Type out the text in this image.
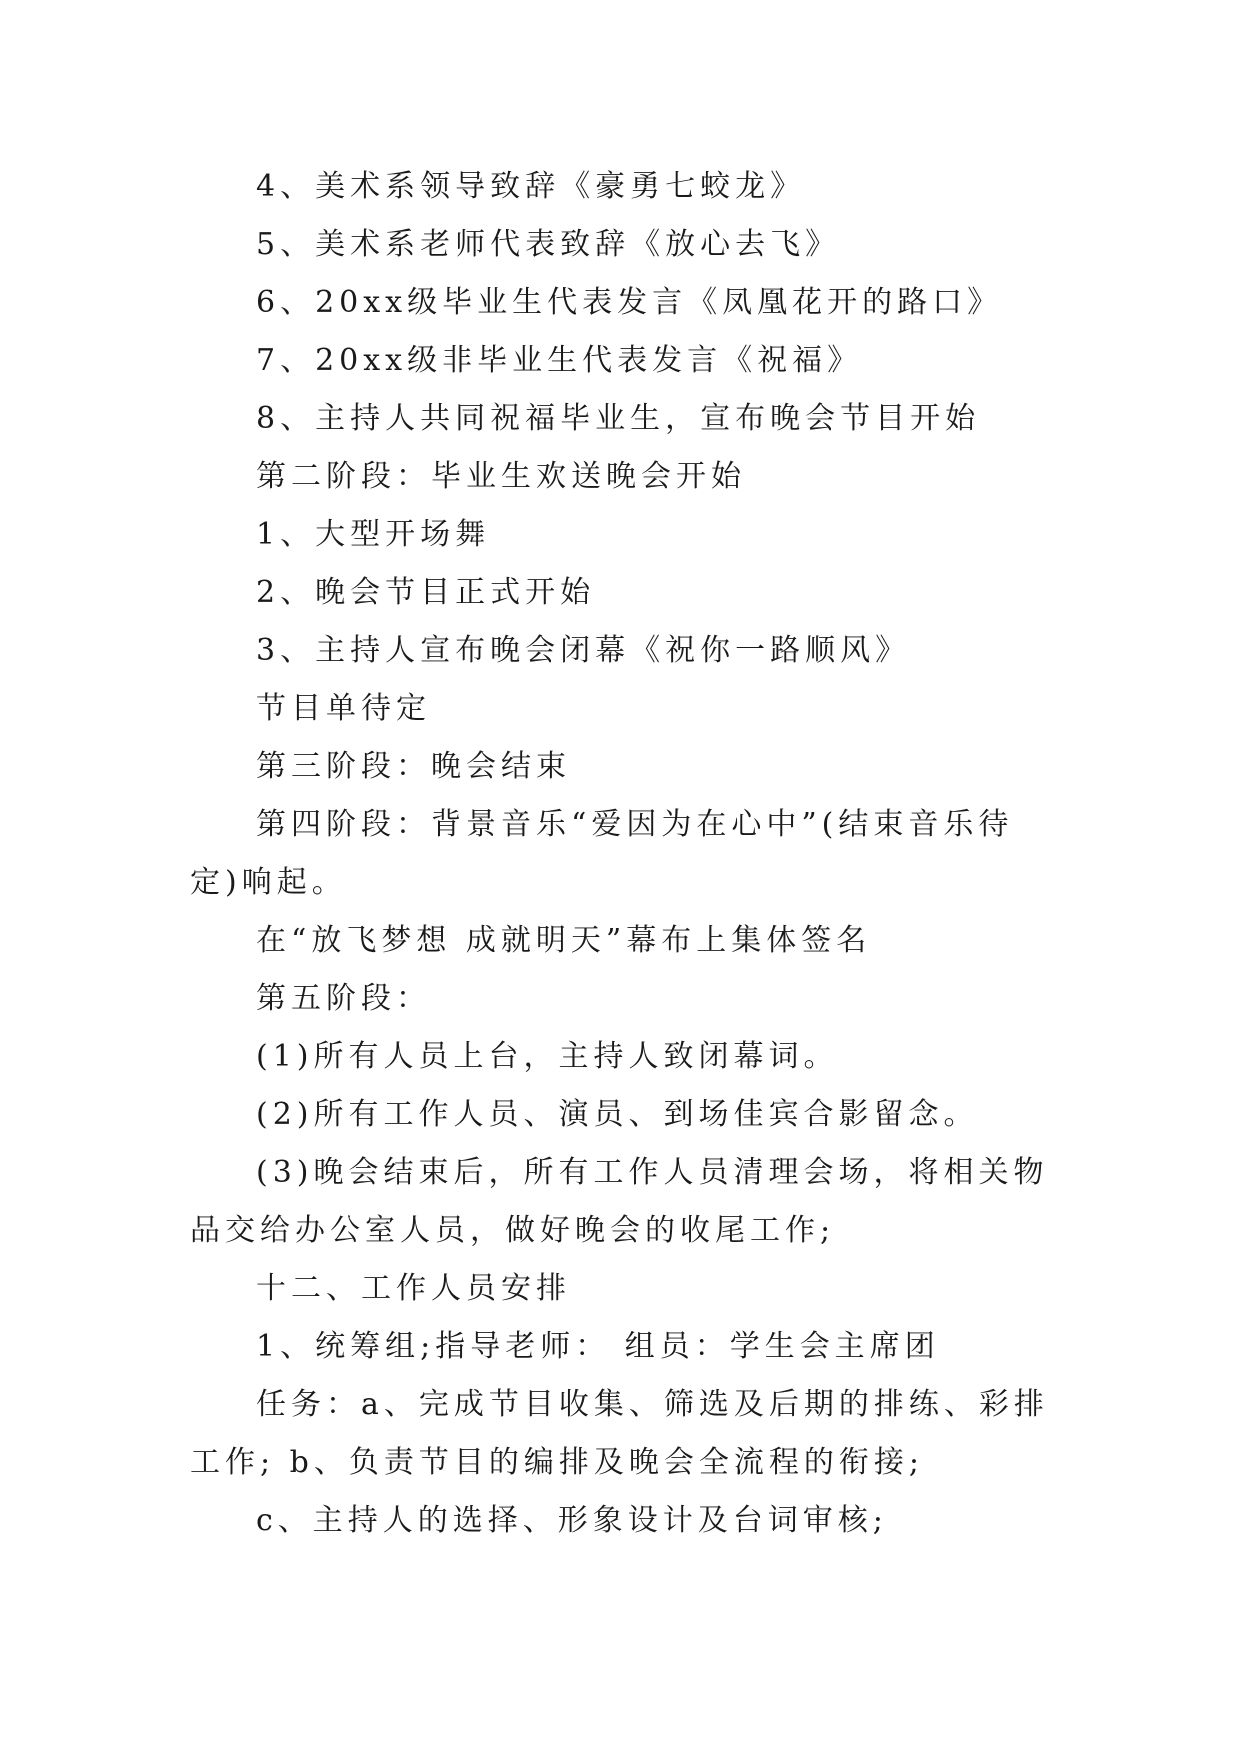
4、美术系领导致辞《豪勇七蛟龙》

5、美术系老师代表致辞《放心去飞》

6、20xx级毕业生代表发言《凤凰花开的路口》

7、20xx级非毕业生代表发言《祝福》

8、主持人共同祝福毕业生，宣布晚会节目开始

第二阶段：毕业生欢送晚会开始

1、大型开场舞

2、晚会节目正式开始

3、主持人宣布晚会闭幕《祝你一路顺风》

节目单待定

第三阶段：晚会结束

第四阶段：背景音乐“爱因为在心中”(结束音乐待定)响起。

在“放飞梦想 成就明天”幕布上集体签名

第五阶段：

(1)所有人员上台，主持人致闭幕词。

(2)所有工作人员、演员、到场佳宾合影留念。

(3)晚会结束后，所有工作人员清理会场，将相关物品交给办公室人员，做好晚会的收尾工作;

十二、工作人员安排

1、统筹组;指导老师： 组员：学生会主席团

任务：a、完成节目收集、筛选及后期的排练、彩排工作; b、负责节目的编排及晚会全流程的衔接;

c、主持人的选择、形象设计及台词审核;
